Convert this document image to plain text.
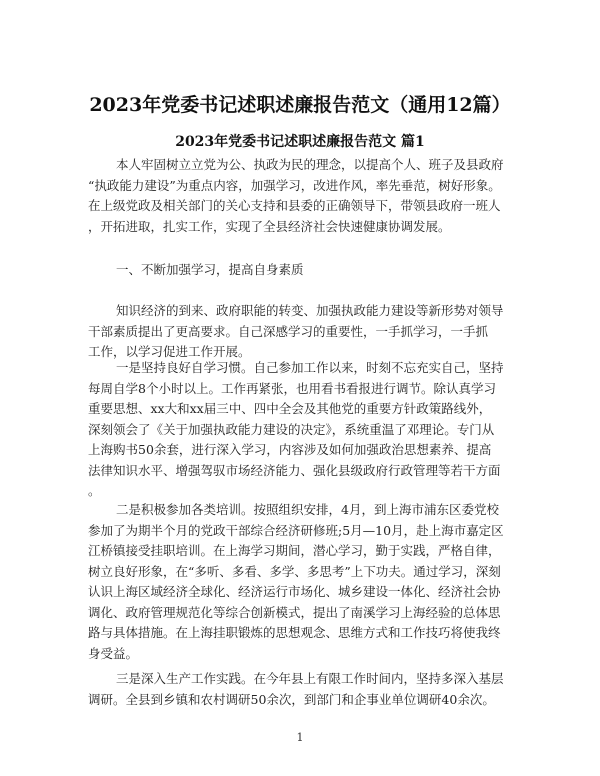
2023年党委书记述职述廉报告范文（通用12篇）
2023年党委书记述职述廉报告范文 篇1
本人牢固树立立党为公、执政为民的理念，以提高个人、班子及县政府
“执政能力建设”为重点内容，加强学习，改进作风，率先垂范，树好形象。
在上级党政及相关部门的关心支持和县委的正确领导下，带领县政府一班人
，开拓进取，扎实工作，实现了全县经济社会快速健康协调发展。
一、不断加强学习，提高自身素质
知识经济的到来、政府职能的转变、加强执政能力建设等新形势对领导
干部素质提出了更高要求。自己深感学习的重要性，一手抓学习，一手抓
工作，以学习促进工作开展。
一是坚持良好自学习惯。自己参加工作以来，时刻不忘充实自己，坚持
每周自学8个小时以上。工作再紧张，也用看书看报进行调节。除认真学习
重要思想、xx大和xx届三中、四中全会及其他党的重要方针政策路线外，
深刻领会了《关于加强执政能力建设的决定》，系统重温了邓理论。专门从
上海购书50余套，进行深入学习，内容涉及如何加强政治思想素养、提高
法律知识水平、增强驾驭市场经济能力、强化县级政府行政管理等若干方面
。
二是积极参加各类培训。按照组织安排，4月，到上海市浦东区委党校
参加了为期半个月的党政干部综合经济研修班;5月—10月，赴上海市嘉定区
江桥镇接受挂职培训。在上海学习期间，潜心学习，勤于实践，严格自律，
树立良好形象，在“多听、多看、多学、多思考”上下功夫。通过学习，深刻
认识上海区域经济全球化、经济运行市场化、城乡建设一体化、经济社会协
调化、政府管理规范化等综合创新模式，提出了南溪学习上海经验的总体思
路与具体措施。在上海挂职锻炼的思想观念、思维方式和工作技巧将使我终
身受益。
三是深入生产工作实践。在今年县上有限工作时间内，坚持多深入基层
调研。全县到乡镇和农村调研50余次，到部门和企事业单位调研40余次。
1
